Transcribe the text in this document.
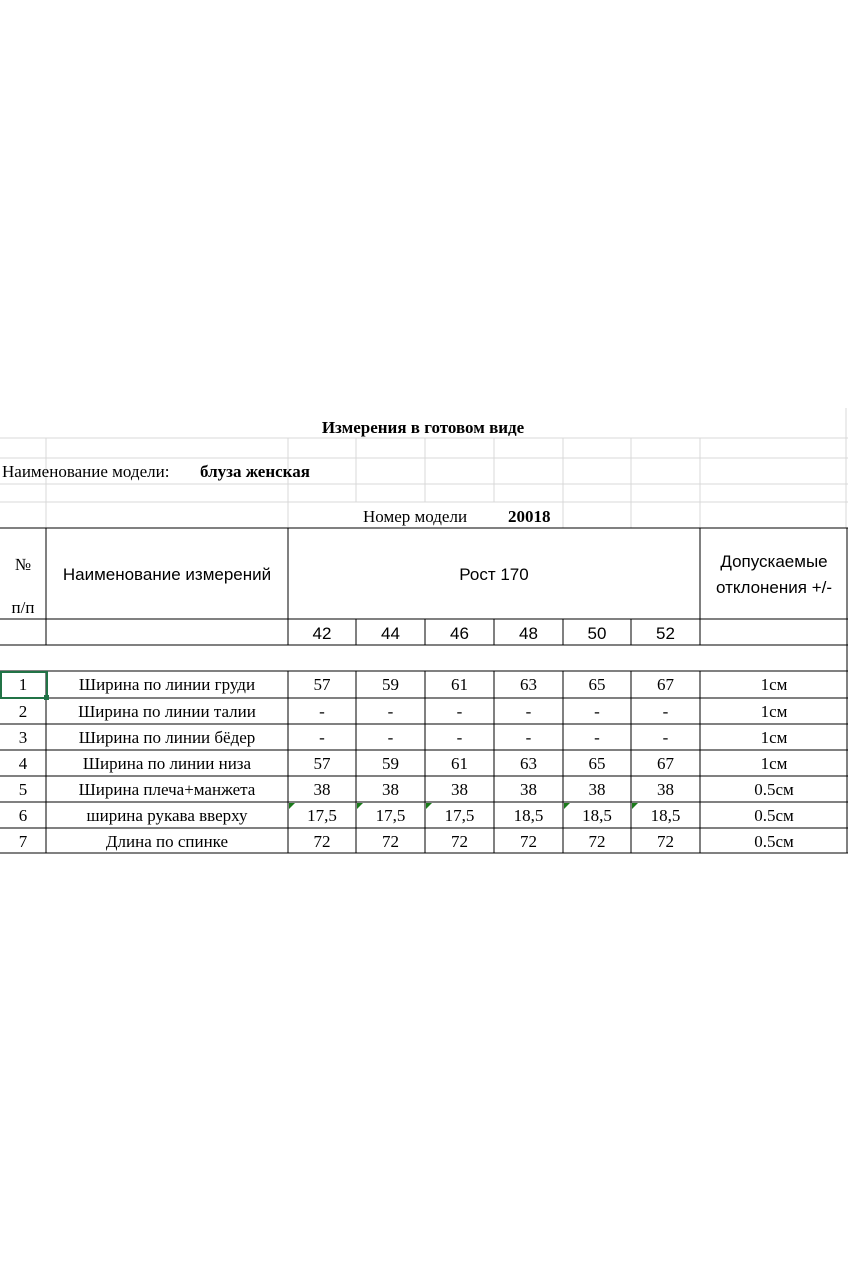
Измерения в готовом виде
Наименование модели: блуза женская
Номер модели 20018
№
п/п
Наименование измерений	Рост 170
Допускаемые
отклонения +/-
42	44	46	48	50	52
1	Ширина по линии груди	57	59	61	63	65	67	1см
2	Ширина по линии талии	-	-	-	-	-	-	1см
3	Ширина по линии бёдер	-	-	-	-	-	-	1см
4	Ширина по линии низа	57	59	61	63	65	67	1см
5	Ширина плеча+манжета	38	38	38	38	38	38	0.5см
6	ширина рукава вверху	17,5	17,5	17,5	18,5	18,5	18,5	0.5см
7	Длина по спинке	72	72	72	72	72	72	0.5см
